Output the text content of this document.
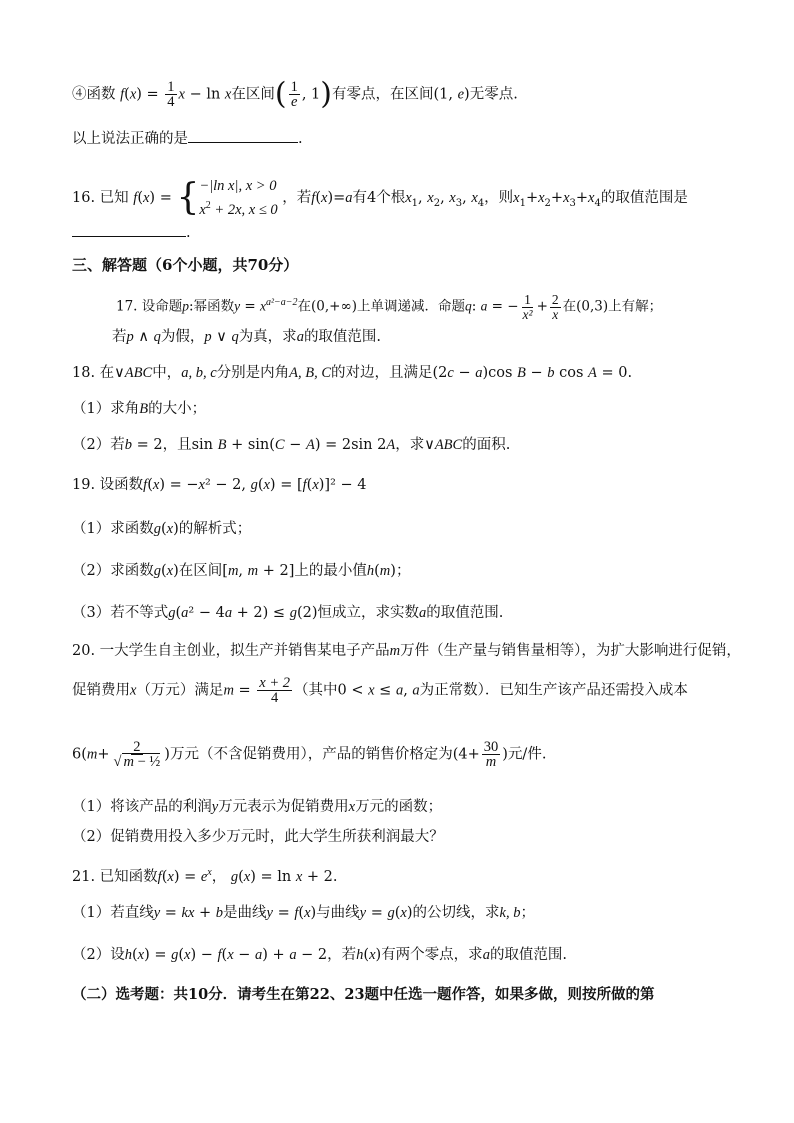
④函数 $f(x) = \frac{1}{4}$ x − ln x在区间( $\frac{1}{e}$ , 1)有零点，在区间(1, e)无零点.
以上说法正确的是	.
16. 已知 f(x) = { −|ln x|, x > 0
$x^2 + 2x$, x ≤ 0
，若f(x)=a有4个根$x_1$, $x_2$, $x_3$, $x_4$，则$x_1+x_2+x_3+x_4$的取值范围是
.
三、解答题（6个小题，共70分）
17. 设命题p:幂函数$y = x^{a^2-a-2}$在(0,+∞)上单调递减．命题q: a = − $\frac{1}{\text{x²}} + \frac{2}{x}$ 在(0,3)上有解；
若p ∧ q为假，p ∨ q为真，求a的取值范围.
18. 在∨ABC中，a, b, c分别是内角A, B, C的对边，且满足(2c − a)cos B − b cos A = 0.
（1）求角B的大小；
（2）若b = 2，且sin B + sin(C − A) = 2sin 2A，求∨ABC的面积.
19. 设函数f(x) = −x² − 2, g(x) = [f(x)]² − 4
（1）求函数g(x)的解析式；
（2）求函数g(x)在区间[m, m + 2]上的最小值h(m)；
（3）若不等式g(a² − 4a + 2) ≤ g(2)恒成立，求实数a的取值范围.
20. 一大学生自主创业，拟生产并销售某电子产品m万件（生产量与销售量相等），为扩大影响进行促销，
促销费用x（万元）满足$m = \frac{x + 2}{4}$ （其中0 < x ≤ a, a为正常数）．已知生产该产品还需投入成本
$6(m+ \frac{2}{\text{√ m − ½}}$ )万元（不含促销费用），产品的销售价格定为($4+ \frac{30}{m}$ )元/件.
（1）将该产品的利润y万元表示为促销费用x万元的函数；
（2）促销费用投入多少万元时，此大学生所获利润最大？
21. 已知函数$f(x) = e^x$， g(x) = ln x + 2.
（1）若直线y = kx + b是曲线y = f(x)与曲线y = g(x)的公切线，求k, b；
（2）设h(x) = g(x) − f(x − a) + a − 2，若h(x)有两个零点，求a的取值范围.
（二）选考题：共10分．请考生在第22、23题中任选一题作答，如果多做，则按所做的第
